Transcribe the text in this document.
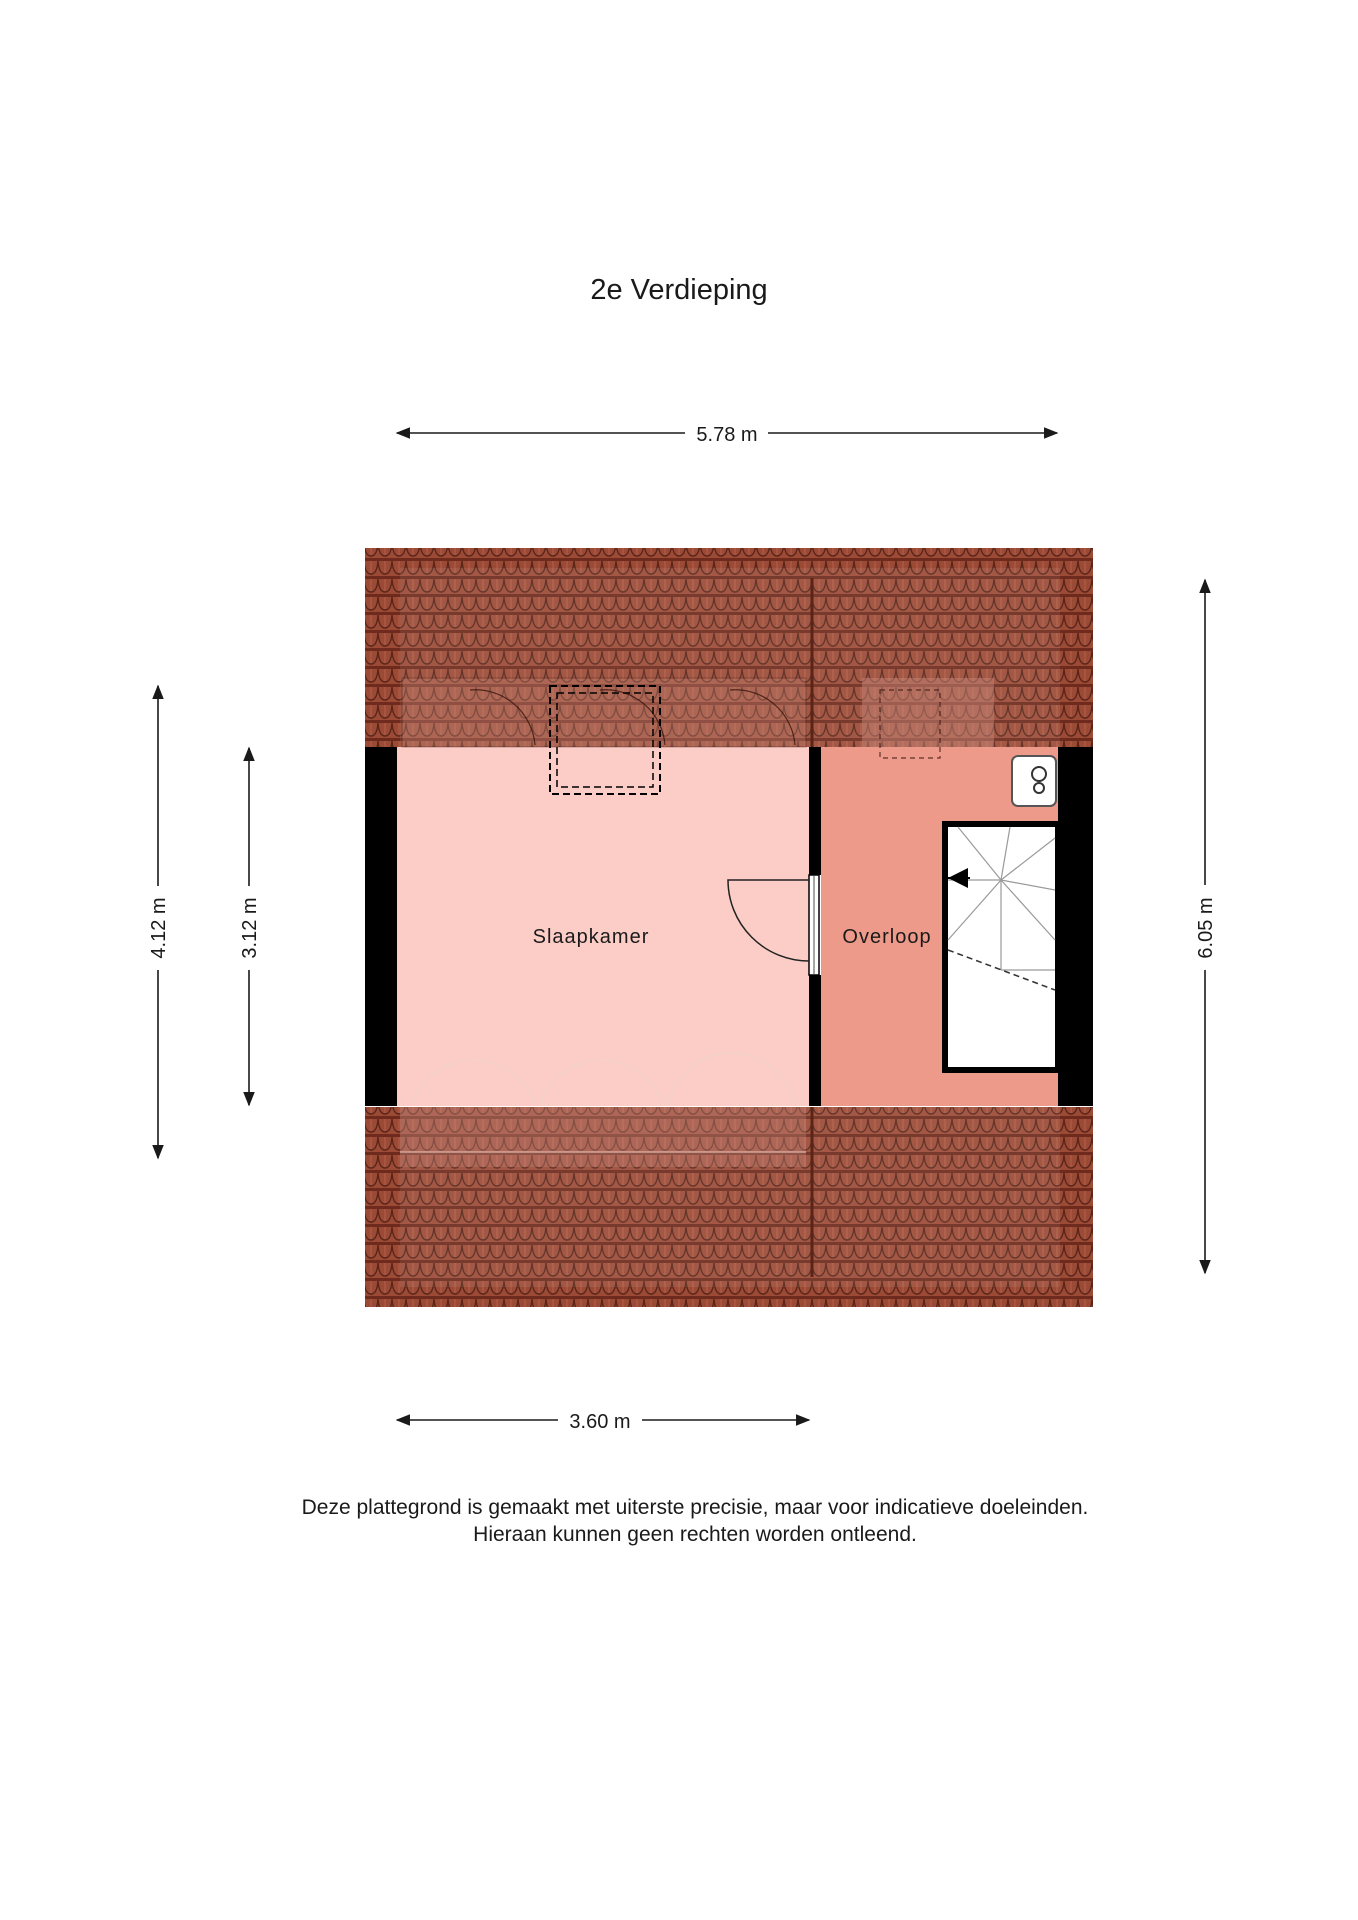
2e Verdieping
Slaapkamer	Overloop
5.78 m
3.60 m
6.05 m
4.12 m	3.12 m
Deze plattegrond is gemaakt met uiterste precisie, maar voor indicatieve doeleinden.
Hieraan kunnen geen rechten worden ontleend.
